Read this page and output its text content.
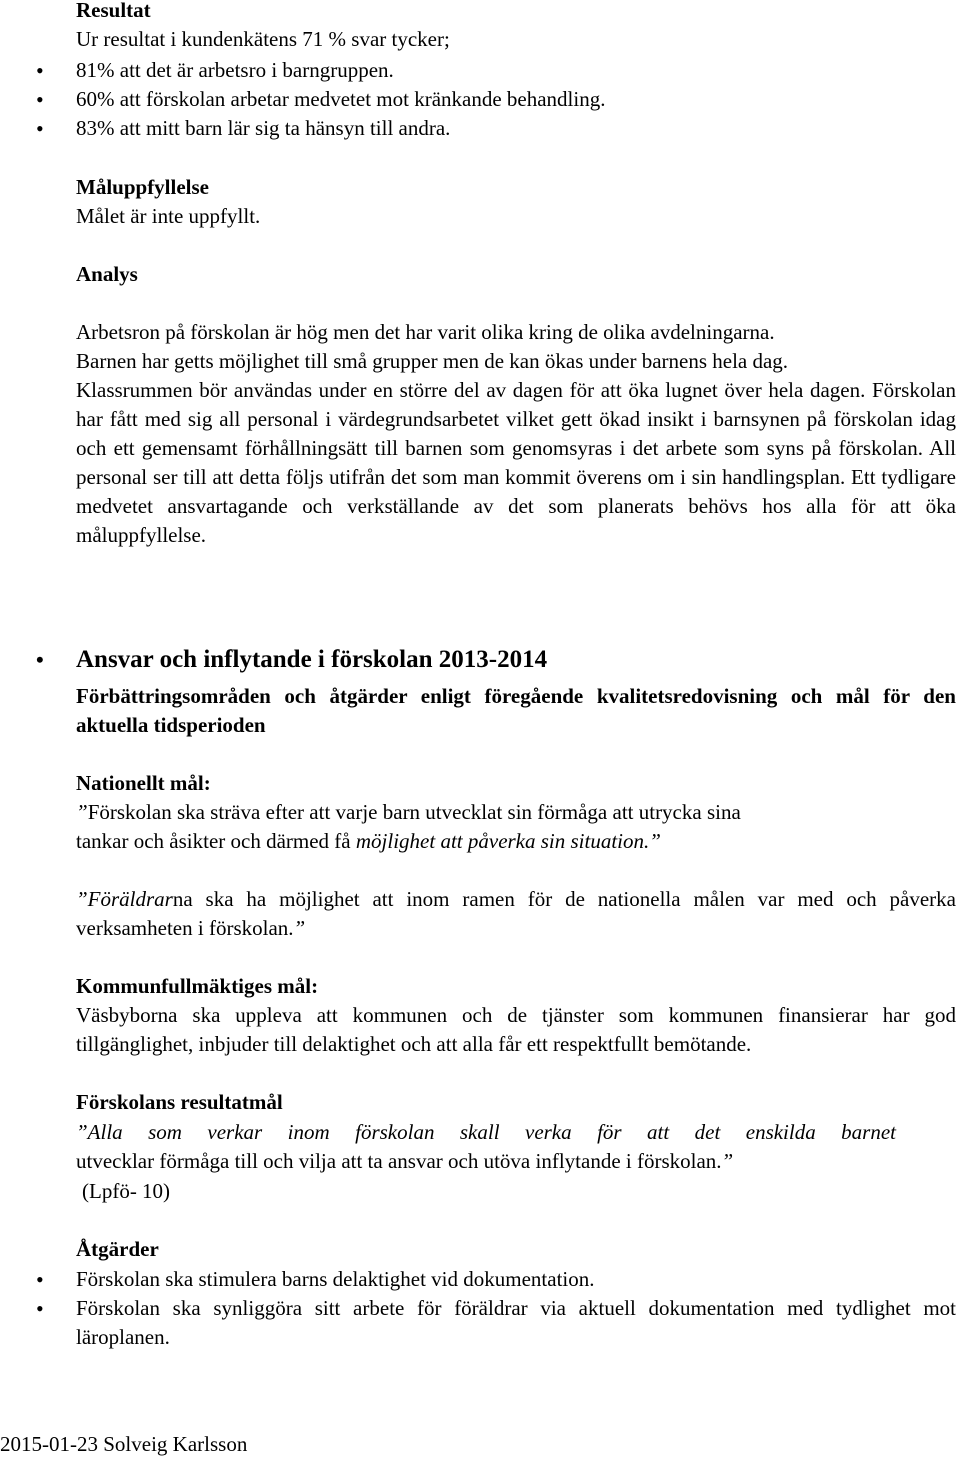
Resultat
Ur resultat i kundenkätens 71 % svar tycker;
• 81% att det är arbetsro i barngruppen.
• 60% att förskolan arbetar medvetet mot kränkande behandling.
• 83% att mitt barn lär sig ta hänsyn till andra.
Måluppfyllelse
Målet är inte uppfyllt.
Analys
Arbetsron på förskolan är hög men det har varit olika kring de olika avdelningarna.
Barnen har getts möjlighet till små grupper men de kan ökas under barnens hela dag.
Klassrummen bör användas under en större del av dagen för att öka lugnet över hela dagen. Förskolan har fått med sig all personal i värdegrundsarbetet vilket gett ökad insikt i barnsynen på förskolan idag och ett gemensamt förhållningsätt till barnen som genomsyras i det arbete som syns på förskolan. All personal ser till att detta följs utifrån det som man kommit överens om i sin handlingsplan. Ett tydligare medvetet ansvartagande och verkställande av det som planerats behövs hos alla för att öka måluppfyllelse.
• Ansvar och inflytande i förskolan 2013-2014
Förbättringsområden och åtgärder enligt föregående kvalitetsredovisning och mål för den aktuella tidsperioden
Nationellt mål:
”Förskolan ska sträva efter att varje barn utvecklat sin förmåga att utrycka sina
tankar och åsikter och därmed få möjlighet att påverka sin situation.”
”Föräldrarna ska ha möjlighet att inom ramen för de nationella målen var med och påverka verksamheten i förskolan.”
Kommunfullmäktiges mål:
Väsbyborna ska uppleva att kommunen och de tjänster som kommunen finansierar har god tillgänglighet, inbjuder till delaktighet och att alla får ett respektfullt bemötande.
Förskolans resultatmål
”Alla som verkar inom förskolan skall verka för att det enskilda barnet
utvecklar förmåga till och vilja att ta ansvar och utöva inflytande i förskolan.”
(Lpfö- 10)
Åtgärder
• Förskolan ska stimulera barns delaktighet vid dokumentation.
• Förskolan ska synliggöra sitt arbete för föräldrar via aktuell dokumentation med tydlighet mot läroplanen.
2015-01-23 Solveig Karlsson
